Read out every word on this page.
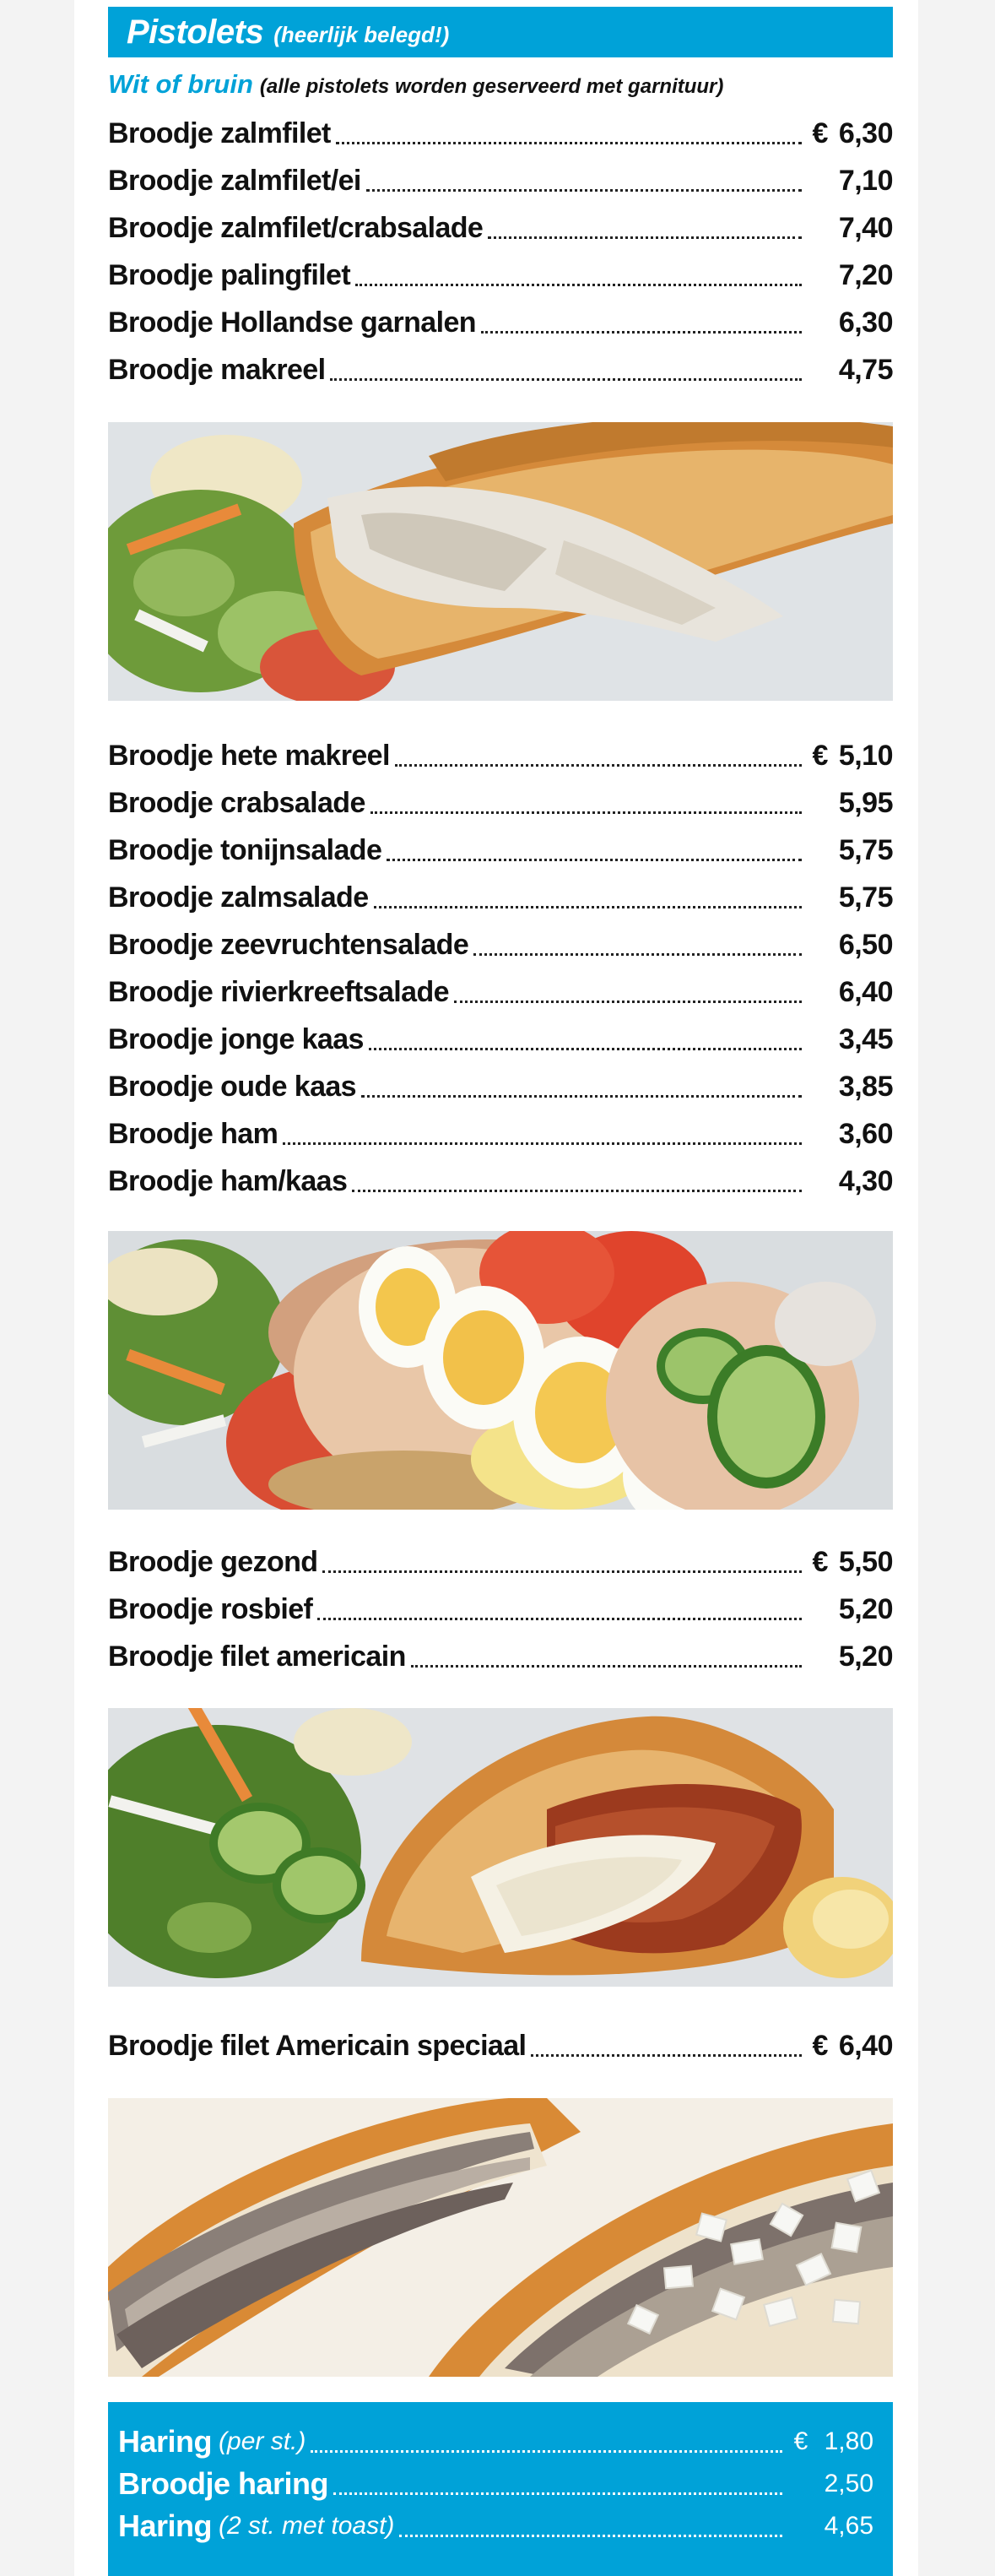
Pistolets (heerlijk belegd!)
Wit of bruin (alle pistolets worden geserveerd met garnituur)
Broodje zalmfilet	€ 6,30
Broodje zalmfilet/ei	7,10
Broodje zalmfilet/crabsalade	7,40
Broodje palingfilet	7,20
Broodje Hollandse garnalen	6,30
Broodje makreel	4,75
Broodje hete makreel	€ 5,10
Broodje crabsalade	5,95
Broodje tonijnsalade	5,75
Broodje zalmsalade	5,75
Broodje zeevruchtensalade	6,50
Broodje rivierkreeftsalade	6,40
Broodje jonge kaas	3,45
Broodje oude kaas	3,85
Broodje ham	3,60
Broodje ham/kaas	4,30
Broodje gezond	€ 5,50
Broodje rosbief	5,20
Broodje filet americain	5,20
Broodje filet Americain speciaal	€ 6,40
Haring (per st.)	€ 1,80
Broodje haring	2,50
Haring (2 st. met toast)	4,65
